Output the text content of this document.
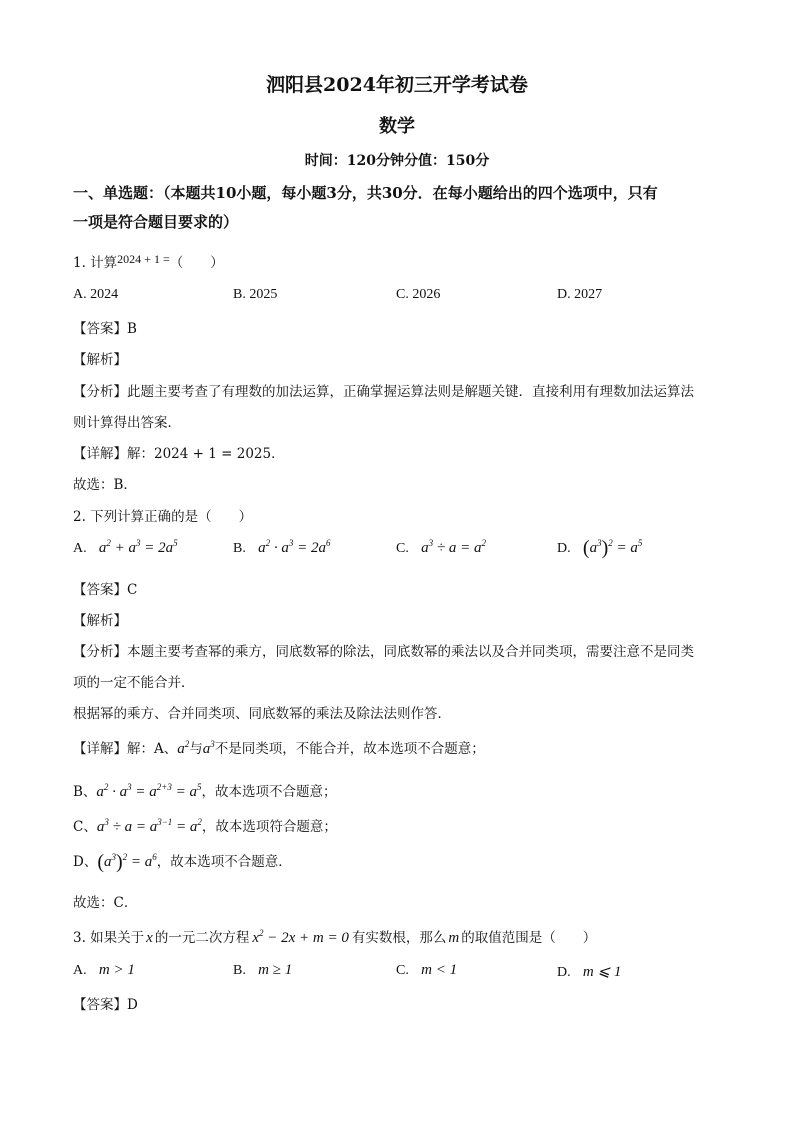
泗阳县2024年初三开学考试卷
数学
时间：120分钟分值：150分
一、单选题：（本题共10小题，每小题3分，共30分．在每小题给出的四个选项中，只有
一项是符合题目要求的）
1. 计算2024 + 1 =（　　）
A. 2024	B. 2025	C. 2026	D. 2027
【答案】B
【解析】
【分析】此题主要考查了有理数的加法运算，正确掌握运算法则是解题关键．直接利用有理数加法运算法
则计算得出答案．
【详解】解：2024 + 1 = 2025．
故选：B．
2. 下列计算正确的是（　　）
A. $a^2 + a^3 = 2a^5$	B. $a^2 \cdot a^3 = 2a^6$	C. $a^3 \div a = a^2$	D. $(a^3)^2 = a^5$
【答案】C
【解析】
【分析】本题主要考查幂的乘方，同底数幂的除法，同底数幂的乘法以及合并同类项，需要注意不是同类
项的一定不能合并．
根据幂的乘方、合并同类项、同底数幂的乘法及除法法则作答．
【详解】解：A、$a^2$与$a^3$不是同类项，不能合并，故本选项不合题意；
B、$a^2 \cdot a^3 = a^{2+3} = a^5$，故本选项不合题意；
C、$a^3 \div a = a^{3-1} = a^2$，故本选项符合题意；
D、$(a^3)^2 = a^6$，故本选项不合题意．
故选：C．
3. 如果关于 x 的一元二次方程 $x^2 - 2x + m = 0$ 有实数根，那么 m 的取值范围是（　　）
A. m > 1	B. m ≥ 1	C. m < 1	D. m ⩽ 1
【答案】D
